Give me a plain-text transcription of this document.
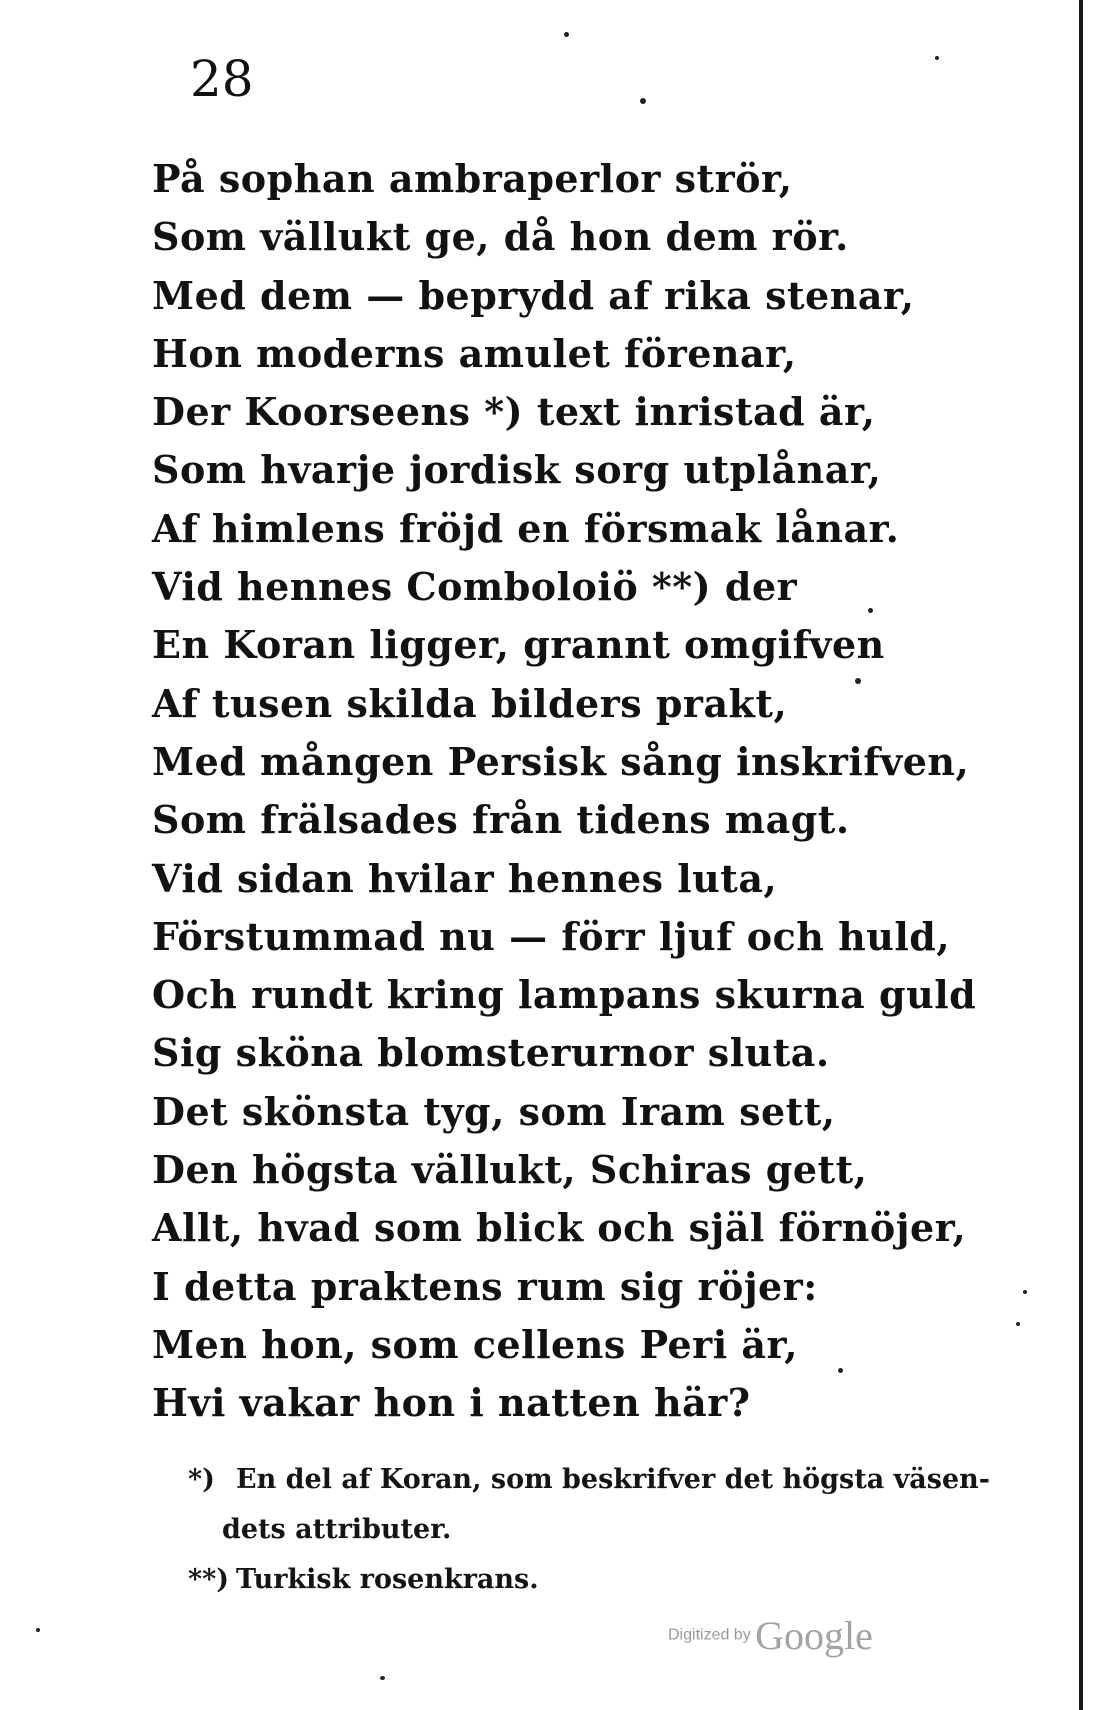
28
På sophan ambraperlor strör,
Som vällukt ge, då hon dem rör.
Med dem — beprydd af rika stenar,
Hon moderns amulet förenar,
Der Koorseens *) text inristad är,
Som hvarje jordisk sorg utplånar,
Af himlens fröjd en försmak lånar.
Vid hennes Comboloiö **) der
En Koran ligger, grannt omgifven
Af tusen skilda bilders prakt,
Med mången Persisk sång inskrifven,
Som frälsades från tidens magt.
Vid sidan hvilar hennes luta,
Förstummad nu — förr ljuf och huld,
Och rundt kring lampans skurna guld
Sig sköna blomsterurnor sluta.
Det skönsta tyg, som Iram sett,
Den högsta vällukt, Schiras gett,
Allt, hvad som blick och själ förnöjer,
I detta praktens rum sig röjer:
Men hon, som cellens Peri är,
Hvi vakar hon i natten här?
*) En del af Koran, som beskrifver det högsta väsen-
dets attributer.
**) Turkisk rosenkrans.
Digitized by Google
